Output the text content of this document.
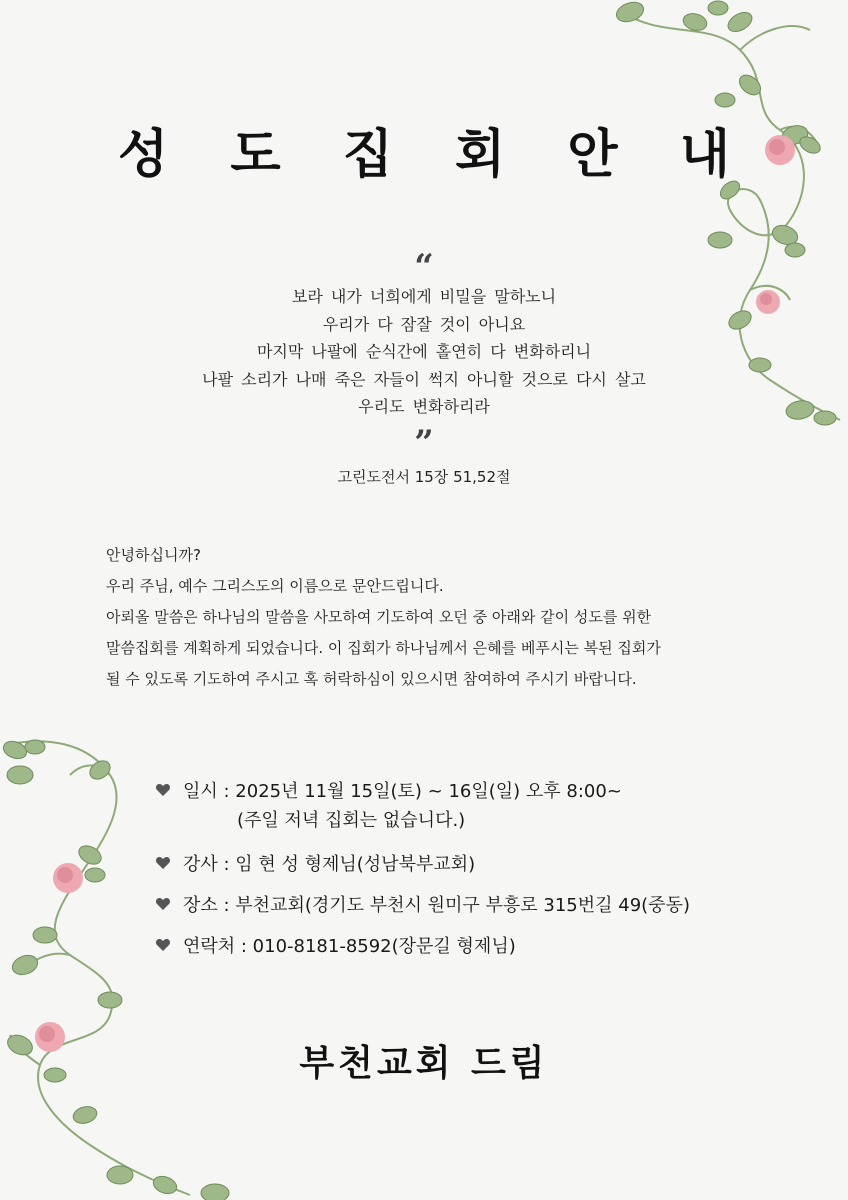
성 도 집 회 안 내
“
보라 내가 너희에게 비밀을 말하노니
우리가 다 잠잘 것이 아니요
마지막 나팔에 순식간에 홀연히 다 변화하리니
나팔 소리가 나매 죽은 자들이 썩지 아니할 것으로 다시 살고
우리도 변화하리라
”
고린도전서 15장 51,52절
안녕하십니까?
우리 주님, 예수 그리스도의 이름으로 문안드립니다.
아뢰올 말씀은 하나님의 말씀을 사모하여 기도하여 오던 중 아래와 같이 성도를 위한
말씀집회를 계획하게 되었습니다. 이 집회가 하나님께서 은혜를 베푸시는 복된 집회가
될 수 있도록 기도하여 주시고 혹 허락하심이 있으시면 참여하여 주시기 바랍니다.
일시 : 2025년 11월 15일(토) ~ 16일(일) 오후 8:00~
(주일 저녁 집회는 없습니다.)
강사 : 임 현 성 형제님(성남북부교회)
장소 : 부천교회(경기도 부천시 원미구 부흥로 315번길 49(중동)
연락처 : 010-8181-8592(장문길 형제님)
부천교회 드림
